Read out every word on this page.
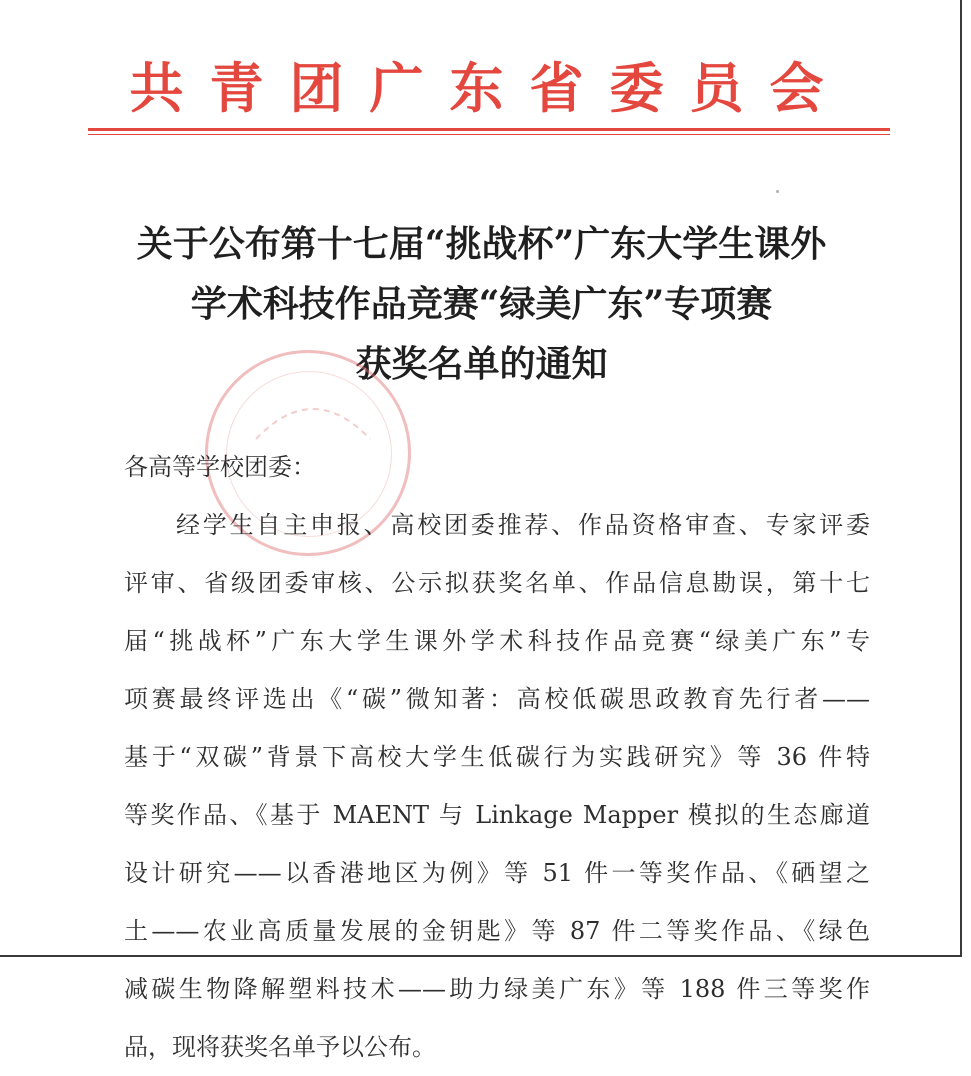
共青团广东省委员会
关于公布第十七届“挑战杯”广东大学生课外
学术科技作品竞赛“绿美广东”专项赛
获奖名单的通知
各高等学校团委：
经学生自主申报、高校团委推荐、作品资格审查、专家评委
评审、省级团委审核、公示拟获奖名单、作品信息勘误，第十七
届“挑战杯”广东大学生课外学术科技作品竞赛“绿美广东”专
项赛最终评选出《“碳”微知著：高校低碳思政教育先行者——
基于“双碳”背景下高校大学生低碳行为实践研究》等 36 件特
等奖作品、《基于 MAENT 与 Linkage Mapper 模拟的生态廊道
设计研究——以香港地区为例》等 51 件一等奖作品、《硒望之
土——农业高质量发展的金钥匙》等 87 件二等奖作品、《绿色
减碳生物降解塑料技术——助力绿美广东》等 188 件三等奖作
品，现将获奖名单予以公布。
